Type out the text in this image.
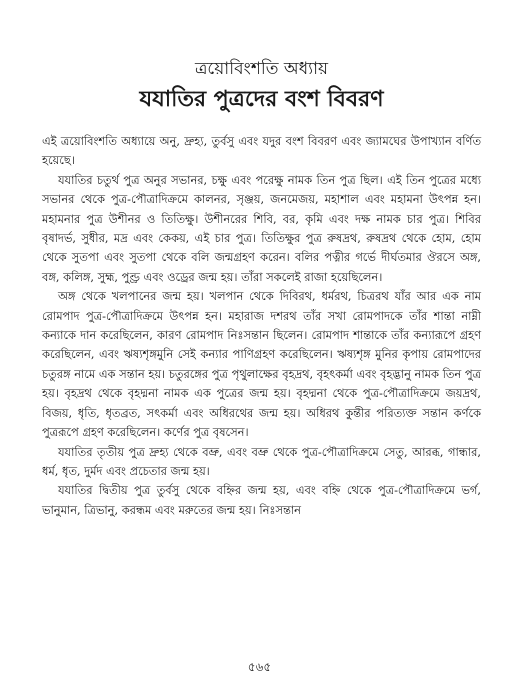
ত্রয়োবিংশতি অধ্যায়
যযাতির পুত্রদের বংশ বিবরণ

এই ত্রয়োবিংশতি অধ্যায়ে অনু, দ্রুহ্য, তুর্বসু এবং যদুর বংশ বিবরণ এবং জ্যামঘের উপাখ্যান বর্ণিত হয়েছে।

যযাতির চতুর্থ পুত্র অনুর সভানর, চক্ষু এবং পরেক্ষু নামক তিন পুত্র ছিল। এই তিন পুত্রের মধ্যে সভানর থেকে পুত্র-পৌত্রাদিক্রমে কালনর, সৃঞ্জয়, জনমেজয়, মহাশাল এবং মহামনা উৎপন্ন হন। মহামনার পুত্র উশীনর ও তিতিক্ষু। উশীনরের শিবি, বর, কৃমি এবং দক্ষ নামক চার পুত্র। শিবির বৃষাদর্ভ, সুধীর, মদ্র এবং কেকয়, এই চার পুত্র। তিতিক্ষুর পুত্র রুষদ্রথ, রুষদ্রথ থেকে হোম, হোম থেকে সুতপা এবং সুতপা থেকে বলি জন্মগ্রহণ করেন। বলির পত্নীর গর্ভে দীর্ঘতমার ঔরসে অঙ্গ, বঙ্গ, কলিঙ্গ, সুহ্ম, পুণ্ড্র এবং ওড্রের জন্ম হয়। তাঁরা সকলেই রাজা হয়েছিলেন।

অঙ্গ থেকে খলপানের জন্ম হয়। খলপান থেকে দিবিরথ, ধর্মরথ, চিত্ররথ যাঁর আর এক নাম রোমপাদ পুত্র-পৌত্রাদিক্রমে উৎপন্ন হন। মহারাজ দশরথ তাঁর সখা রোমপাদকে তাঁর শান্তা নাম্নী কন্যাকে দান করেছিলেন, কারণ রোমপাদ নিঃসন্তান ছিলেন। রোমপাদ শান্তাকে তাঁর কন্যারূপে গ্রহণ করেছিলেন, এবং ঋষ্যশৃঙ্গমুনি সেই কন্যার পাণিগ্রহণ করেছিলেন। ঋষ্যশৃঙ্গ মুনির কৃপায় রোমপাদের চতুরঙ্গ নামে এক সন্তান হয়। চতুরঙ্গের পুত্র পৃথুলাক্ষের বৃহদ্রথ, বৃহৎকর্মা এবং বৃহদ্ভানু নামক তিন পুত্র হয়। বৃহদ্রথ থেকে বৃহদ্মনা নামক এক পুত্রের জন্ম হয়। বৃহদ্মনা থেকে পুত্র-পৌত্রাদিক্রমে জয়দ্রথ, বিজয়, ধৃতি, ধৃতব্রত, সৎকর্মা এবং অধিরথের জন্ম হয়। অধিরথ কুন্তীর পরিত্যক্ত সন্তান কর্ণকে পুত্ররূপে গ্রহণ করেছিলেন। কর্ণের পুত্র বৃষসেন।

যযাতির তৃতীয় পুত্র দ্রুহ্য থেকে বভ্রু, এবং বভ্রু থেকে পুত্র-পৌত্রাদিক্রমে সেতু, আরব্ধ, গান্ধার, ধর্ম, ধৃত, দুর্মদ এবং প্রচেতার জন্ম হয়।

যযাতির দ্বিতীয় পুত্র তুর্বসু থেকে বহ্নির জন্ম হয়, এবং বহ্নি থেকে পুত্র-পৌত্রাদিক্রমে ভর্গ, ভানুমান, ত্রিভানু, করন্ধম এবং মরুতের জন্ম হয়। নিঃসন্তান

৫৬৫
